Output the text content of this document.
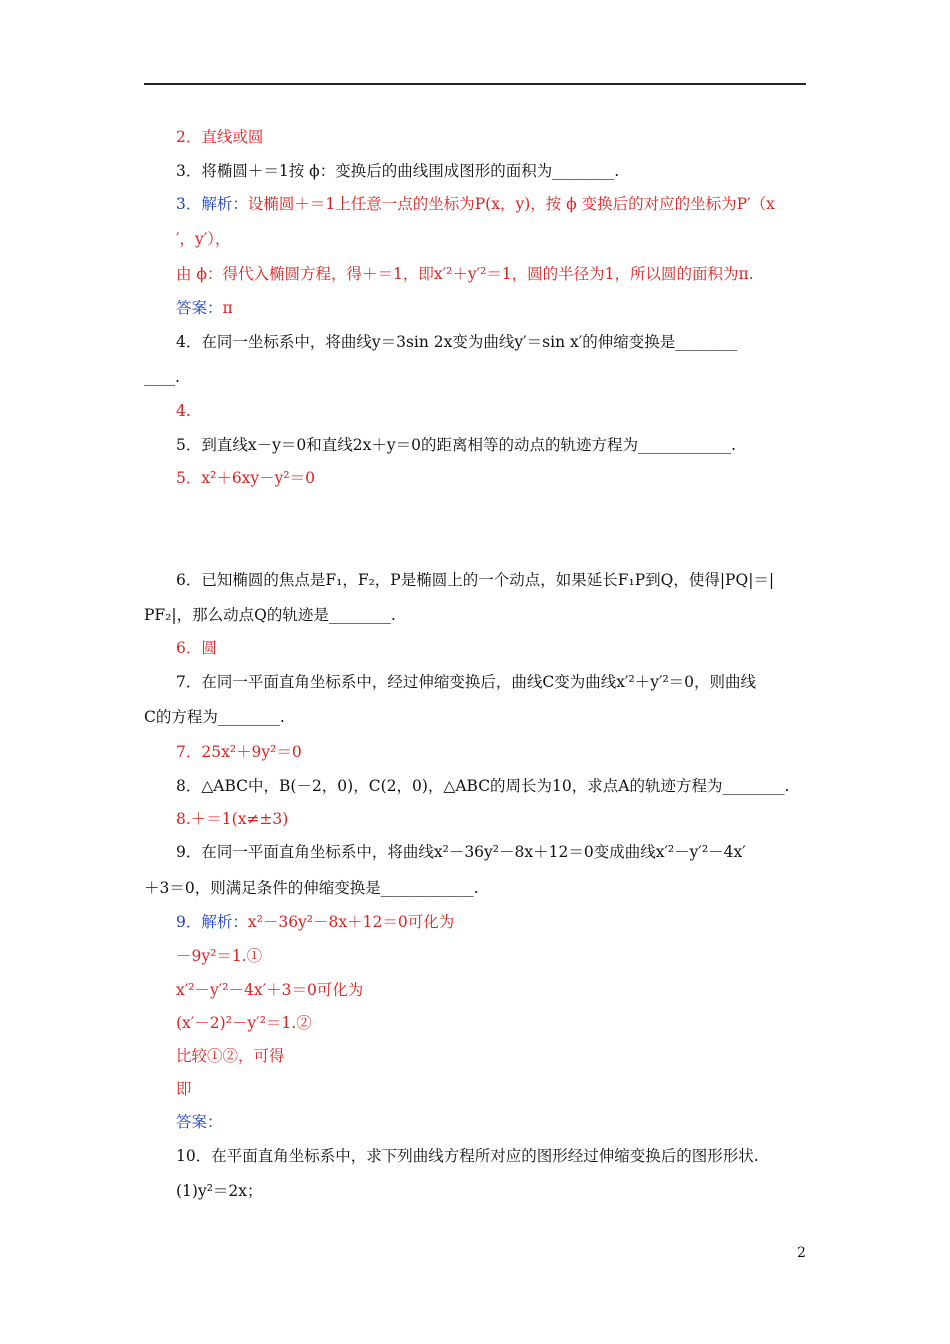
2．直线或圆
3．将椭圆＋＝1按 ϕ：变换后的曲线围成图形的面积为________.
3．解析：设椭圆＋＝1上任意一点的坐标为P(x，y)，按 ϕ 变换后的对应的坐标为P′（x
′，y′），
由 ϕ：得代入椭圆方程，得＋＝1，即x′²＋y′²＝1，圆的半径为1，所以圆的面积为π.
答案：π
4．在同一坐标系中，将曲线y＝3sin 2x变为曲线y′＝sin x′的伸缩变换是________
____.
4.
5．到直线x－y＝0和直线2x＋y＝0的距离相等的动点的轨迹方程为____________.
5．x²＋6xy－y²＝0
6．已知椭圆的焦点是F₁，F₂，P是椭圆上的一个动点，如果延长F₁P到Q，使得|PQ|＝|
PF₂|，那么动点Q的轨迹是________.
6．圆
7．在同一平面直角坐标系中，经过伸缩变换后，曲线C变为曲线x′²＋y′²＝0，则曲线
C的方程为________.
7．25x²＋9y²＝0
8．△ABC中，B(－2，0)，C(2，0)，△ABC的周长为10，求点A的轨迹方程为________.
8.＋＝1(x≠±3)
9．在同一平面直角坐标系中，将曲线x²－36y²－8x＋12＝0变成曲线x′²－y′²－4x′
＋3＝0，则满足条件的伸缩变换是____________.
9．解析：x²－36y²－8x＋12＝0可化为
－9y²＝1.①
x′²－y′²－4x′＋3＝0可化为
(x′－2)²－y′²＝1.②
比较①②，可得
即
答案：
10．在平面直角坐标系中，求下列曲线方程所对应的图形经过伸缩变换后的图形形状.
(1)y²＝2x；
2
